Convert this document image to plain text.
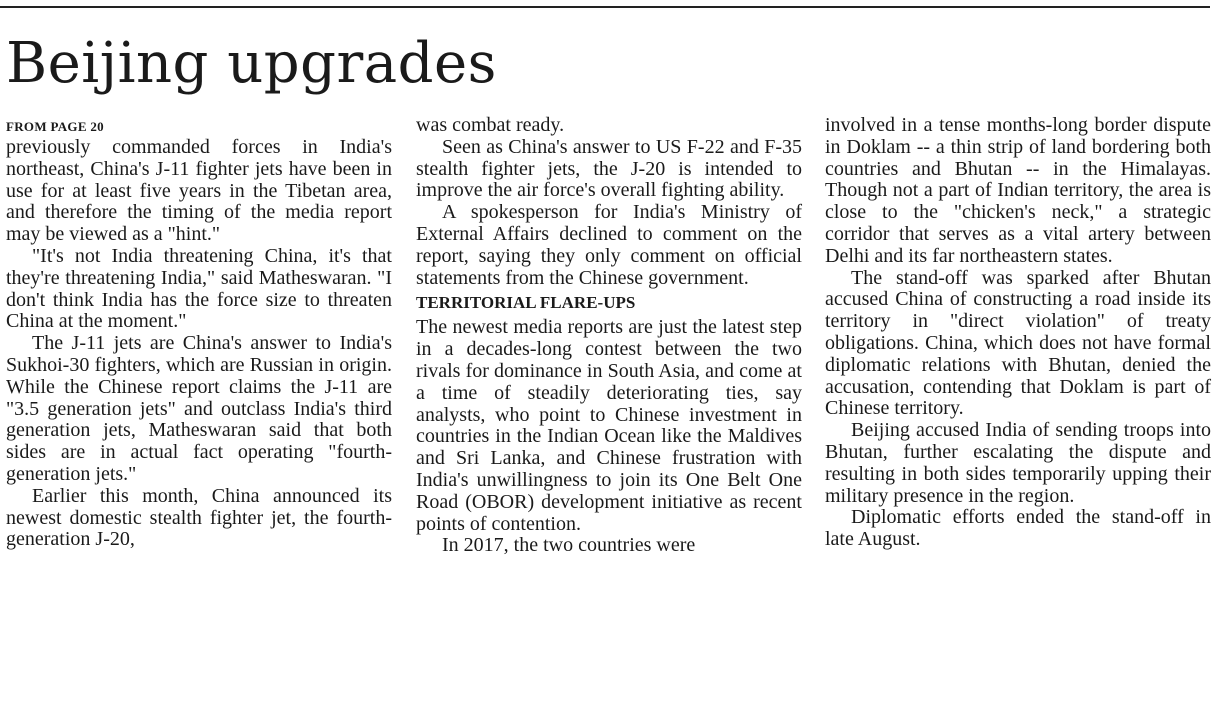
Beijing upgrades
FROM PAGE 20

previously commanded forces in India's northeast, China's J-11 fighter jets have been in use for at least five years in the Tibetan area, and therefore the timing of the media report may be viewed as a "hint."

"It's not India threatening China, it's that they're threatening India," said Matheswaran. "I don't think India has the force size to threaten China at the moment."

The J-11 jets are China's answer to India's Sukhoi-30 fighters, which are Russian in origin. While the Chinese report claims the J-11 are "3.5 generation jets" and outclass India's third generation jets, Matheswaran said that both sides are in actual fact operating "fourth-generation jets."

Earlier this month, China announced its newest domestic stealth fighter jet, the fourth-generation J-20,

was combat ready.

Seen as China's answer to US F-22 and F-35 stealth fighter jets, the J-20 is intended to improve the air force's overall fighting ability.

A spokesperson for India's Ministry of External Affairs declined to comment on the report, saying they only comment on official statements from the Chinese government.

TERRITORIAL FLARE-UPS

The newest media reports are just the latest step in a decades-long contest between the two rivals for dominance in South Asia, and come at a time of steadily deteriorating ties, say analysts, who point to Chinese investment in countries in the Indian Ocean like the Maldives and Sri Lanka, and Chinese frustration with India's unwillingness to join its One Belt One Road (OBOR) development initiative as recent points of contention.

In 2017, the two countries were

involved in a tense months-long border dispute in Doklam -- a thin strip of land bordering both countries and Bhutan -- in the Himalayas. Though not a part of Indian territory, the area is close to the "chicken's neck," a strategic corridor that serves as a vital artery between Delhi and its far northeastern states.

The stand-off was sparked after Bhutan accused China of constructing a road inside its territory in "direct violation" of treaty obligations. China, which does not have formal diplomatic relations with Bhutan, denied the accusation, contending that Doklam is part of Chinese territory.

Beijing accused India of sending troops into Bhutan, further escalating the dispute and resulting in both sides temporarily upping their military presence in the region.

Diplomatic efforts ended the stand-off in late August.
